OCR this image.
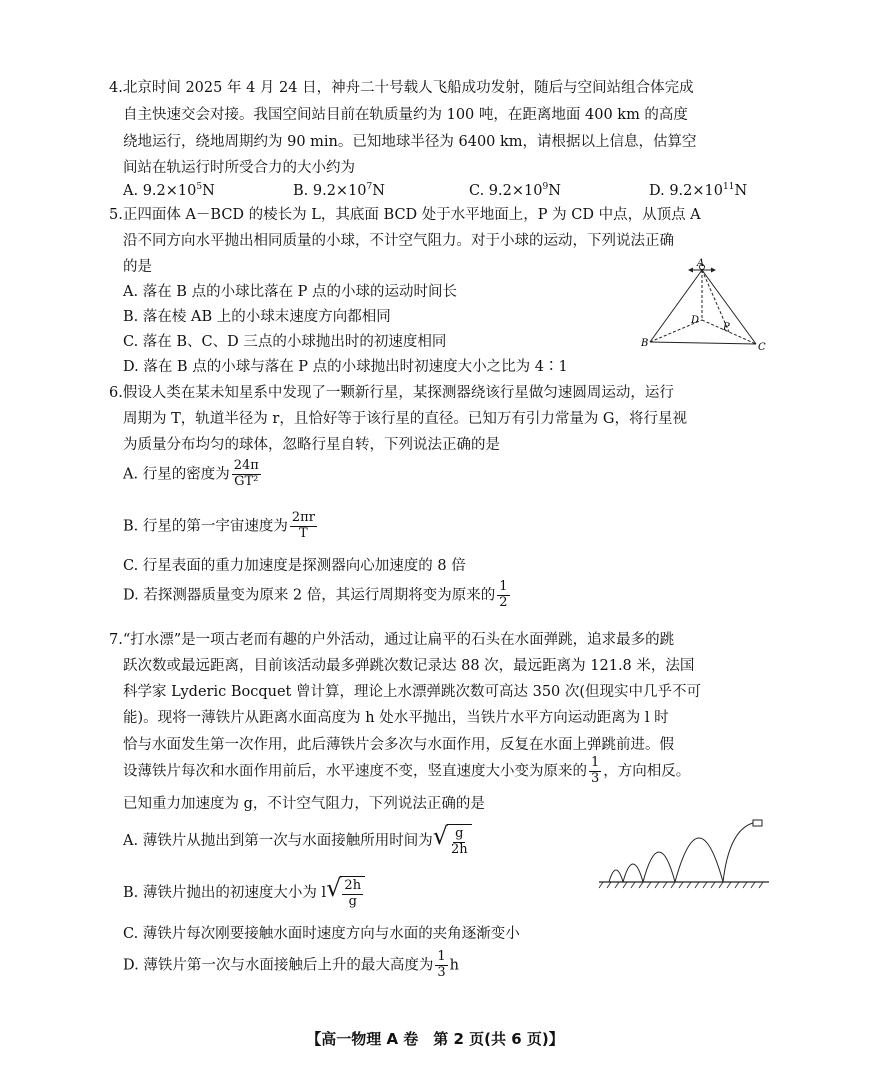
4.北京时间 2025 年 4 月 24 日，神舟二十号载人飞船成功发射，随后与空间站组合体完成
自主快速交会对接。我国空间站目前在轨质量约为 100 吨，在距离地面 400 km 的高度
绕地运行，绕地周期约为 90 min。已知地球半径为 6400 km，请根据以上信息，估算空
间站在轨运行时所受合力的大小约为
A. $9.2\times 10^5N$	B. $9.2\times 10^7N$	C. $9.2\times 10^9N$	D. $9.2\times 10^{11}N$
5.正四面体 A－BCD 的棱长为 L，其底面 BCD 处于水平地面上，P 为 CD 中点，从顶点 A
沿不同方向水平抛出相同质量的小球，不计空气阻力。对于小球的运动，下列说法正确
的是
A. 落在 B 点的小球比落在 P 点的小球的运动时间长
B. 落在棱 AB 上的小球末速度方向都相同
C. 落在 B、C、D 三点的小球抛出时的初速度相同
D. 落在 B 点的小球与落在 P 点的小球抛出时初速度大小之比为 4∶1
A
B	C
D
P
6.假设人类在某未知星系中发现了一颗新行星，某探测器绕该行星做匀速圆周运动，运行
周期为 T，轨道半径为 r，且恰好等于该行星的直径。已知万有引力常量为 G，将行星视
为质量分布均匀的球体，忽略行星自转，下列说法正确的是
A. 行星的密度为 $\frac{24\pi}{\text{GT²}}$
B. 行星的第一宇宙速度为 $\frac{2\pi r}{T}$
C. 行星表面的重力加速度是探测器向心加速度的 8 倍
D. 若探测器质量变为原来 2 倍，其运行周期将变为原来的 $\frac{1}{2}$
7.“打水漂”是一项古老而有趣的户外活动，通过让扁平的石头在水面弹跳，追求最多的跳
跃次数或最远距离，目前该活动最多弹跳次数记录达 88 次，最远距离为 121.8 米，法国
科学家 Lyderic Bocquet 曾计算，理论上水漂弹跳次数可高达 350 次(但现实中几乎不可
能)。现将一薄铁片从距离水面高度为 h 处水平抛出，当铁片水平方向运动距离为 l 时
恰与水面发生第一次作用，此后薄铁片会多次与水面作用，反复在水面上弹跳前进。假
设薄铁片每次和水面作用前后，水平速度不变，竖直速度大小变为原来的 $\frac{1}{3}$ ，方向相反。
已知重力加速度为 g，不计空气阻力，下列说法正确的是
A. 薄铁片从抛出到第一次与水面接触所用时间为 √ $\frac{g}{2h}$
B. 薄铁片抛出的初速度大小为 l √ $\frac{2h}{g}$
C. 薄铁片每次刚要接触水面时速度方向与水面的夹角逐渐变小
D. 薄铁片第一次与水面接触后上升的最大高度为 $\frac{1}{3}$ h
【高一物理 A 卷　第 2 页(共 6 页)】
